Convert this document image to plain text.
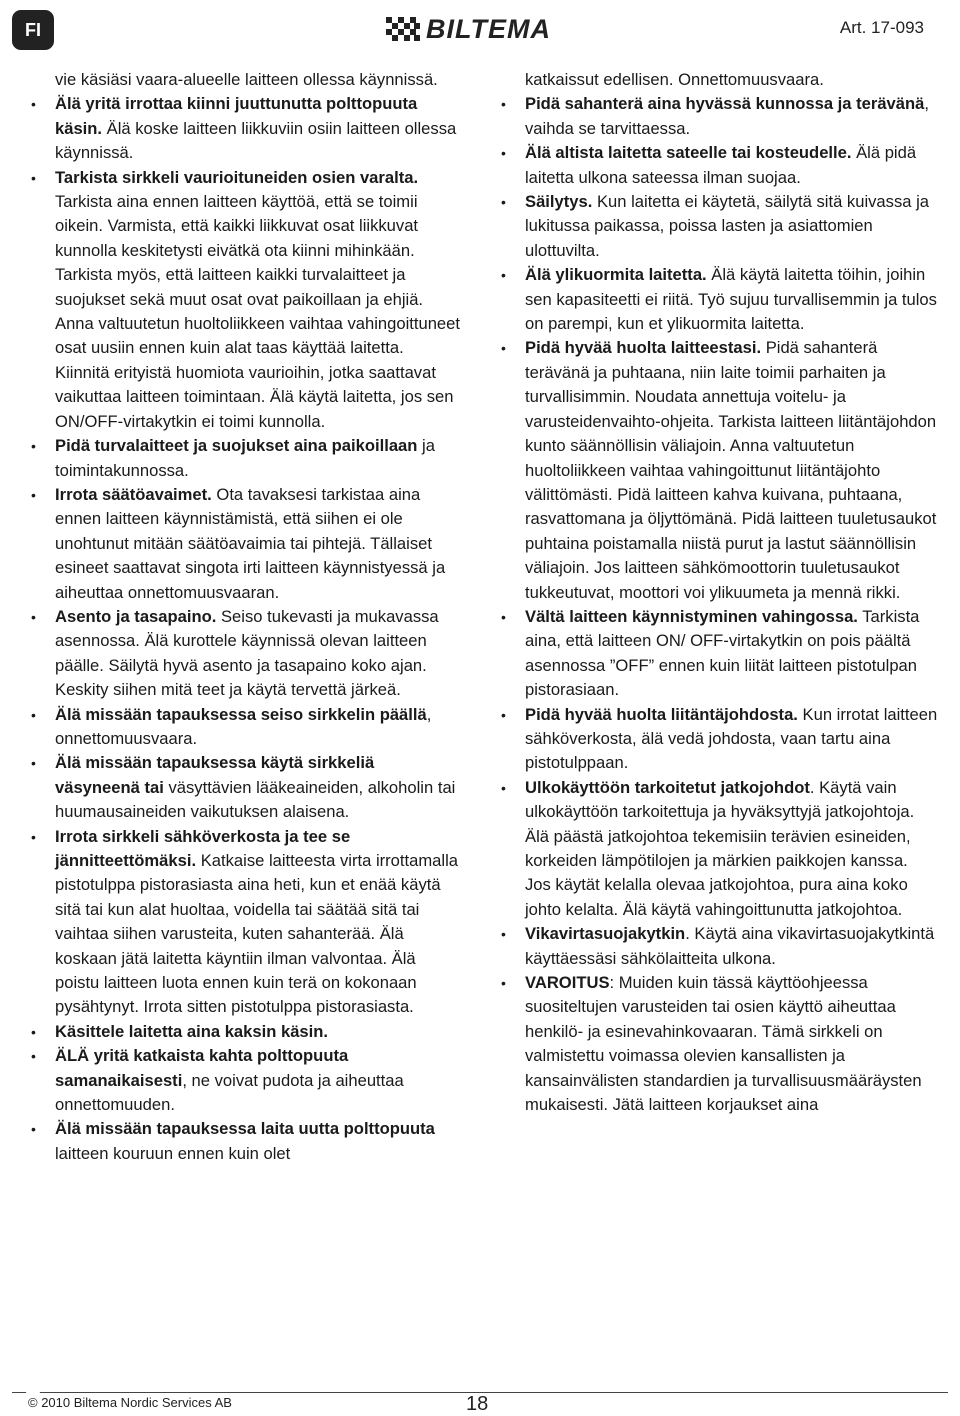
FI	BILTEMA	Art. 17-093

vie käsiäsi vaara-alueelle laitteen ollessa käynnissä.

• Älä yritä irrottaa kiinni juuttunutta polttopuuta käsin. Älä koske laitteen liikkuviin osiin laitteen ollessa käynnissä.

• Tarkista sirkkeli vaurioituneiden osien varalta. Tarkista aina ennen laitteen käyttöä, että se toimii oikein. Varmista, että kaikki liikkuvat osat liikkuvat kunnolla keskitetysti eivätkä ota kiinni mihinkään. Tarkista myös, että laitteen kaikki turvalaitteet ja suojukset sekä muut osat ovat paikoillaan ja ehjiä. Anna valtuutetun huoltoliikkeen vaihtaa vahingoittuneet osat uusiin ennen kuin alat taas käyttää laitetta. Kiinnitä erityistä huomiota vaurioihin, jotka saattavat vaikuttaa laitteen toimintaan. Älä käytä laitetta, jos sen ON/OFF-virtakytkin ei toimi kunnolla.

• Pidä turvalaitteet ja suojukset aina paikoillaan ja toimintakunnossa.

• Irrota säätöavaimet. Ota tavaksesi tarkistaa aina ennen laitteen käynnistämistä, että siihen ei ole unohtunut mitään säätöavaimia tai pihtejä. Tällaiset esineet saattavat singota irti laitteen käynnistyessä ja aiheuttaa onnettomuusvaaran.

• Asento ja tasapaino. Seiso tukevasti ja mukavassa asennossa. Älä kurottele käynnissä olevan laitteen päälle. Säilytä hyvä asento ja tasapaino koko ajan. Keskity siihen mitä teet ja käytä tervettä järkeä.

• Älä missään tapauksessa seiso sirkkelin päällä, onnettomuusvaara.

• Älä missään tapauksessa käytä sirkkeliä väsyneenä tai väsyttävien lääkeaineiden, alkoholin tai huumausaineiden vaikutuksen alaisena.

• Irrota sirkkeli sähköverkosta ja tee se jännitteettömäksi. Katkaise laitteesta virta irrottamalla pistotulppa pistorasiasta aina heti, kun et enää käytä sitä tai kun alat huoltaa, voidella tai säätää sitä tai vaihtaa siihen varusteita, kuten sahanterää. Älä koskaan jätä laitetta käyntiin ilman valvontaa. Älä poistu laitteen luota ennen kuin terä on kokonaan pysähtynyt. Irrota sitten pistotulppa pistorasiasta.

• Käsittele laitetta aina kaksin käsin.

• ÄLÄ yritä katkaista kahta polttopuuta samanaikaisesti, ne voivat pudota ja aiheuttaa onnettomuuden.

• Älä missään tapauksessa laita uutta polttopuuta laitteen kouruun ennen kuin olet

katkaissut edellisen. Onnettomuusvaara.

• Pidä sahanterä aina hyvässä kunnossa ja terävänä, vaihda se tarvittaessa.

• Älä altista laitetta sateelle tai kosteudelle. Älä pidä laitetta ulkona sateessa ilman suojaa.

• Säilytys. Kun laitetta ei käytetä, säilytä sitä kuivassa ja lukitussa paikassa, poissa lasten ja asiattomien ulottuvilta.

• Älä ylikuormita laitetta. Älä käytä laitetta töihin, joihin sen kapasiteetti ei riitä. Työ sujuu turvallisemmin ja tulos on parempi, kun et ylikuormita laitetta.

• Pidä hyvää huolta laitteestasi. Pidä sahanterä terävänä ja puhtaana, niin laite toimii parhaiten ja turvallisimmin. Noudata annettuja voitelu- ja varusteidenvaihto-ohjeita. Tarkista laitteen liitäntäjohdon kunto säännöllisin väliajoin. Anna valtuutetun huoltoliikkeen vaihtaa vahingoittunut liitäntäjohto välittömästi. Pidä laitteen kahva kuivana, puhtaana, rasvattomana ja öljyttömänä. Pidä laitteen tuuletusaukot puhtaina poistamalla niistä purut ja lastut säännöllisin väliajoin. Jos laitteen sähkömoottorin tuuletusaukot tukkeutuvat, moottori voi ylikuumeta ja mennä rikki.

• Vältä laitteen käynnistyminen vahingossa. Tarkista aina, että laitteen ON/ OFF-virtakytkin on pois päältä asennossa ”OFF” ennen kuin liität laitteen pistotulpan pistorasiaan.

• Pidä hyvää huolta liitäntäjohdosta. Kun irrotat laitteen sähköverkosta, älä vedä johdosta, vaan tartu aina pistotulppaan.

• Ulkokäyttöön tarkoitetut jatkojohdot. Käytä vain ulkokäyttöön tarkoitettuja ja hyväksyttyjä jatkojohtoja. Älä päästä jatkojohtoa tekemisiin terävien esineiden, korkeiden lämpötilojen ja märkien paikkojen kanssa. Jos käytät kelalla olevaa jatkojohtoa, pura aina koko johto kelalta. Älä käytä vahingoittunutta jatkojohtoa.

• Vikavirtasuojakytkin. Käytä aina vikavirtasuojakytkintä käyttäessäsi sähkölaitteita ulkona.

• VAROITUS: Muiden kuin tässä käyttöohjeessa suositeltujen varusteiden tai osien käyttö aiheuttaa henkilö- ja esinevahinkovaaran. Tämä sirkkeli on valmistettu voimassa olevien kansallisten ja kansainvälisten standardien ja turvallisuusmääräysten mukaisesti. Jätä laitteen korjaukset aina

© 2010 Biltema Nordic Services AB	18
